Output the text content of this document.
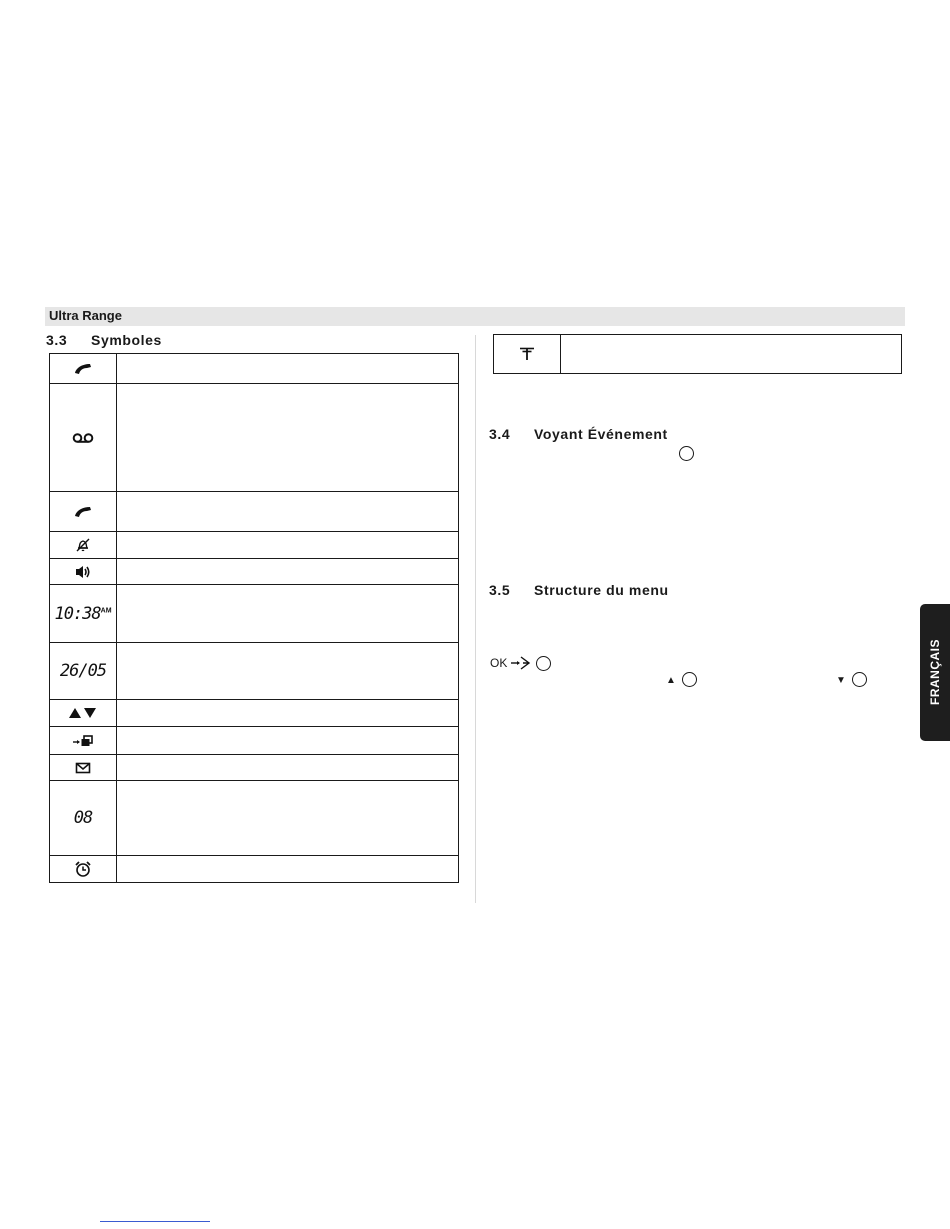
Ultra Range
3.3 Symboles
$10:38^{AM}$
26/05
08
3.4 Voyant Événement
3.5 Structure du menu
OK
▲	▼	FRANÇAIS
